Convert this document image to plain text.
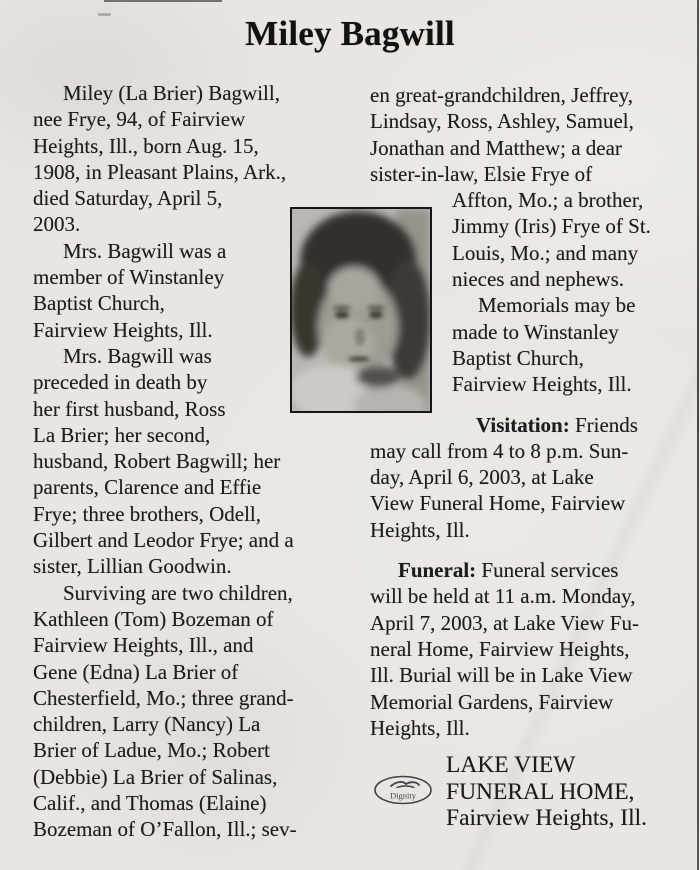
Miley Bagwill
Miley (La Brier) Bagwill,
nee Frye, 94, of Fairview
Heights, Ill., born Aug. 15,
1908, in Pleasant Plains, Ark.,
died Saturday, April 5,
2003.
Mrs. Bagwill was a
member of Winstanley
Baptist Church,
Fairview Heights, Ill.
Mrs. Bagwill was
preceded in death by
her first husband, Ross
La Brier; her second,
husband, Robert Bagwill; her
parents, Clarence and Effie
Frye; three brothers, Odell,
Gilbert and Leodor Frye; and a
sister, Lillian Goodwin.
Surviving are two children,
Kathleen (Tom) Bozeman of
Fairview Heights, Ill., and
Gene (Edna) La Brier of
Chesterfield, Mo.; three grand-
children, Larry (Nancy) La
Brier of Ladue, Mo.; Robert
(Debbie) La Brier of Salinas,
Calif., and Thomas (Elaine)
Bozeman of O’Fallon, Ill.; sev-
en great-grandchildren, Jeffrey,
Lindsay, Ross, Ashley, Samuel,
Jonathan and Matthew; a dear
sister-in-law, Elsie Frye of
Affton, Mo.; a brother,
Jimmy (Iris) Frye of St.
Louis, Mo.; and many
nieces and nephews.
Memorials may be
made to Winstanley
Baptist Church,
Fairview Heights, Ill.
Visitation: Friends
may call from 4 to 8 p.m. Sun-
day, April 6, 2003, at Lake
View Funeral Home, Fairview
Heights, Ill.
Funeral: Funeral services
will be held at 11 a.m. Monday,
April 7, 2003, at Lake View Fu-
neral Home, Fairview Heights,
Ill. Burial will be in Lake View
Memorial Gardens, Fairview
Heights, Ill.
Dignity
LAKE VIEW
FUNERAL HOME,
Fairview Heights, Ill.
